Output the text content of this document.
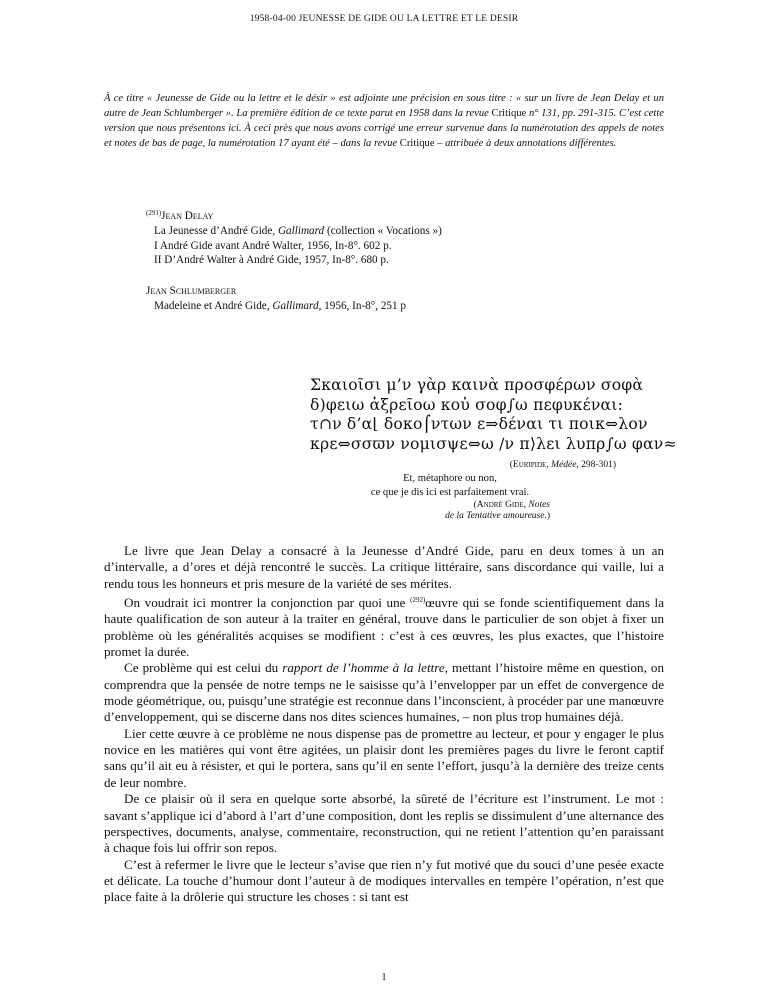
1958-04-00 JEUNESSE DE GIDE OU LA LETTRE ET LE DESIR
À ce titre « Jeunesse de Gide ou la lettre et le désir » est adjointe une précision en sous titre : « sur un livre de Jean Delay et un autre de Jean Schlumberger ». La première édition de ce texte parut en 1958 dans la revue Critique n° 131, pp. 291-315. C’est cette version que nous présentons ici. À ceci près que nous avons corrigé une erreur survenue dans la numérotation des appels de notes et notes de bas de page, la numérotation 17 ayant été – dans la revue Critique – attribuée à deux annotations différentes.
$^{(291)}$Jean Delay
La Jeunesse d’André Gide, Gallimard (collection « Vocations »)
I André Gide avant André Walter, 1956, In-8°. 602 p.
II D’André Walter à André Gide, 1957, In-8°. 680 p.
Jean Schlumberger
Madeleine et André Gide, Gallimard, 1956, In-8°, 251 p
Σκαιοῖσι μ’ν γὰρ καινὰ προσφέρων σοφὰ
δ)φειω ἀξρεῖοω κοὐ σοφ∫ω πεφυκέναι:
τ∩ν δ’α⌊ δοκο⌠ντων ε⇒δέναι τι ποικ⇔λον
κρε⇔σσϖν νομισψε⇔ω ∕ν π⟩λει λυπρ∫ω φαν≈
(Euripide, Médée, 298-301)
Et, métaphore ou non,
ce que je dis ici est parfaitement vrai.
(André Gide, Notes
de la Tentative amoureuse.)

Le livre que Jean Delay a consacré à la Jeunesse d’André Gide, paru en deux tomes à un an d’intervalle, a d’ores et déjà rencontré le succès. La critique littéraire, sans discordance qui vaille, lui a rendu tous les honneurs et pris mesure de la variété de ses mérites.

On voudrait ici montrer la conjonction par quoi une $^{(292)}$œuvre qui se fonde scientifiquement dans la haute qualification de son auteur à la traiter en général, trouve dans le particulier de son objet à fixer un problème où les généralités acquises se modifient : c’est à ces œuvres, les plus exactes, que l’histoire promet la durée.

Ce problème qui est celui du rapport de l’homme à la lettre, mettant l’histoire même en question, on comprendra que la pensée de notre temps ne le saisisse qu’à l’envelopper par un effet de convergence de mode géométrique, ou, puisqu’une stratégie est reconnue dans l’inconscient, à procéder par une manœuvre d’enveloppement, qui se discerne dans nos dites sciences humaines, – non plus trop humaines déjà.

Lier cette œuvre à ce problème ne nous dispense pas de promettre au lecteur, et pour y engager le plus novice en les matières qui vont être agitées, un plaisir dont les premières pages du livre le feront captif sans qu’il ait eu à résister, et qui le portera, sans qu’il en sente l’effort, jusqu’à la dernière des treize cents de leur nombre.

De ce plaisir où il sera en quelque sorte absorbé, la sûreté de l’écriture est l’instrument. Le mot : savant s’applique ici d’abord à l’art d’une composition, dont les replis se dissimulent d’une alternance des perspectives, documents, analyse, commentaire, reconstruction, qui ne retient l’attention qu’en paraissant à chaque fois lui offrir son repos.

C’est à refermer le livre que le lecteur s’avise que rien n’y fut motivé que du souci d’une pesée exacte et délicate. La touche d’humour dont l’auteur à de modiques intervalles en tempère l’opération, n’est que place faite à la drôlerie qui structure les choses : si tant est

1
